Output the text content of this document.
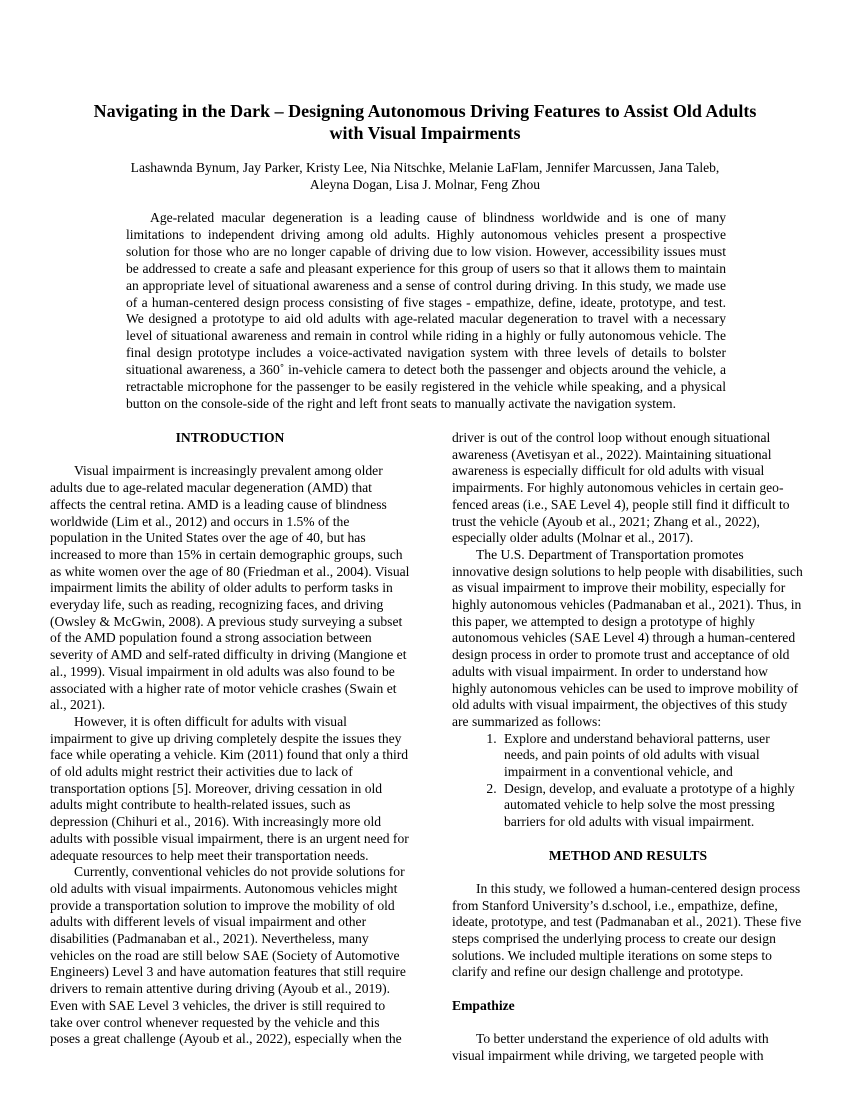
Navigating in the Dark – Designing Autonomous Driving Features to Assist Old Adults with Visual Impairments
Lashawnda Bynum, Jay Parker, Kristy Lee, Nia Nitschke, Melanie LaFlam, Jennifer Marcussen, Jana Taleb, Aleyna Dogan, Lisa J. Molnar, Feng Zhou
Age-related macular degeneration is a leading cause of blindness worldwide and is one of many limitations to independent driving among old adults. Highly autonomous vehicles present a prospective solution for those who are no longer capable of driving due to low vision. However, accessibility issues must be addressed to create a safe and pleasant experience for this group of users so that it allows them to maintain an appropriate level of situational awareness and a sense of control during driving. In this study, we made use of a human-centered design process consisting of five stages - empathize, define, ideate, prototype, and test. We designed a prototype to aid old adults with age-related macular degeneration to travel with a necessary level of situational awareness and remain in control while riding in a highly or fully autonomous vehicle. The final design prototype includes a voice-activated navigation system with three levels of details to bolster situational awareness, a 360˚ in-vehicle camera to detect both the passenger and objects around the vehicle, a retractable microphone for the passenger to be easily registered in the vehicle while speaking, and a physical button on the console-side of the right and left front seats to manually activate the navigation system.

INTRODUCTION

Visual impairment is increasingly prevalent among older adults due to age-related macular degeneration (AMD) that affects the central retina. AMD is a leading cause of blindness worldwide (Lim et al., 2012) and occurs in 1.5% of the population in the United States over the age of 40, but has increased to more than 15% in certain demographic groups, such as white women over the age of 80 (Friedman et al., 2004). Visual impairment limits the ability of older adults to perform tasks in everyday life, such as reading, recognizing faces, and driving (Owsley & McGwin, 2008). A previous study surveying a subset of the AMD population found a strong association between severity of AMD and self-rated difficulty in driving (Mangione et al., 1999). Visual impairment in old adults was also found to be associated with a higher rate of motor vehicle crashes (Swain et al., 2021).

However, it is often difficult for adults with visual impairment to give up driving completely despite the issues they face while operating a vehicle. Kim (2011) found that only a third of old adults might restrict their activities due to lack of transportation options [5]. Moreover, driving cessation in old adults might contribute to health-related issues, such as depression (Chihuri et al., 2016). With increasingly more old adults with possible visual impairment, there is an urgent need for adequate resources to help meet their transportation needs.

Currently, conventional vehicles do not provide solutions for old adults with visual impairments. Autonomous vehicles might provide a transportation solution to improve the mobility of old adults with different levels of visual impairment and other disabilities (Padmanaban et al., 2021). Nevertheless, many vehicles on the road are still below SAE (Society of Automotive Engineers) Level 3 and have automation features that still require drivers to remain attentive during driving (Ayoub et al., 2019). Even with SAE Level 3 vehicles, the driver is still required to take over control whenever requested by the vehicle and this poses a great challenge (Ayoub et al., 2022), especially when the

driver is out of the control loop without enough situational awareness (Avetisyan et al., 2022). Maintaining situational awareness is especially difficult for old adults with visual impairments. For highly autonomous vehicles in certain geo-fenced areas (i.e., SAE Level 4), people still find it difficult to trust the vehicle (Ayoub et al., 2021; Zhang et al., 2022), especially older adults (Molnar et al., 2017).

The U.S. Department of Transportation promotes innovative design solutions to help people with disabilities, such as visual impairment to improve their mobility, especially for highly autonomous vehicles (Padmanaban et al., 2021). Thus, in this paper, we attempted to design a prototype of highly autonomous vehicles (SAE Level 4) through a human-centered design process in order to promote trust and acceptance of old adults with visual impairment. In order to understand how highly autonomous vehicles can be used to improve mobility of old adults with visual impairment, the objectives of this study are summarized as follows:

1. Explore and understand behavioral patterns, user needs, and pain points of old adults with visual impairment in a conventional vehicle, and
2. Design, develop, and evaluate a prototype of a highly automated vehicle to help solve the most pressing barriers for old adults with visual impairment.

METHOD AND RESULTS

In this study, we followed a human-centered design process from Stanford University’s d.school, i.e., empathize, define, ideate, prototype, and test (Padmanaban et al., 2021). These five steps comprised the underlying process to create our design solutions. We included multiple iterations on some steps to clarify and refine our design challenge and prototype.

Empathize

To better understand the experience of old adults with visual impairment while driving, we targeted people with
